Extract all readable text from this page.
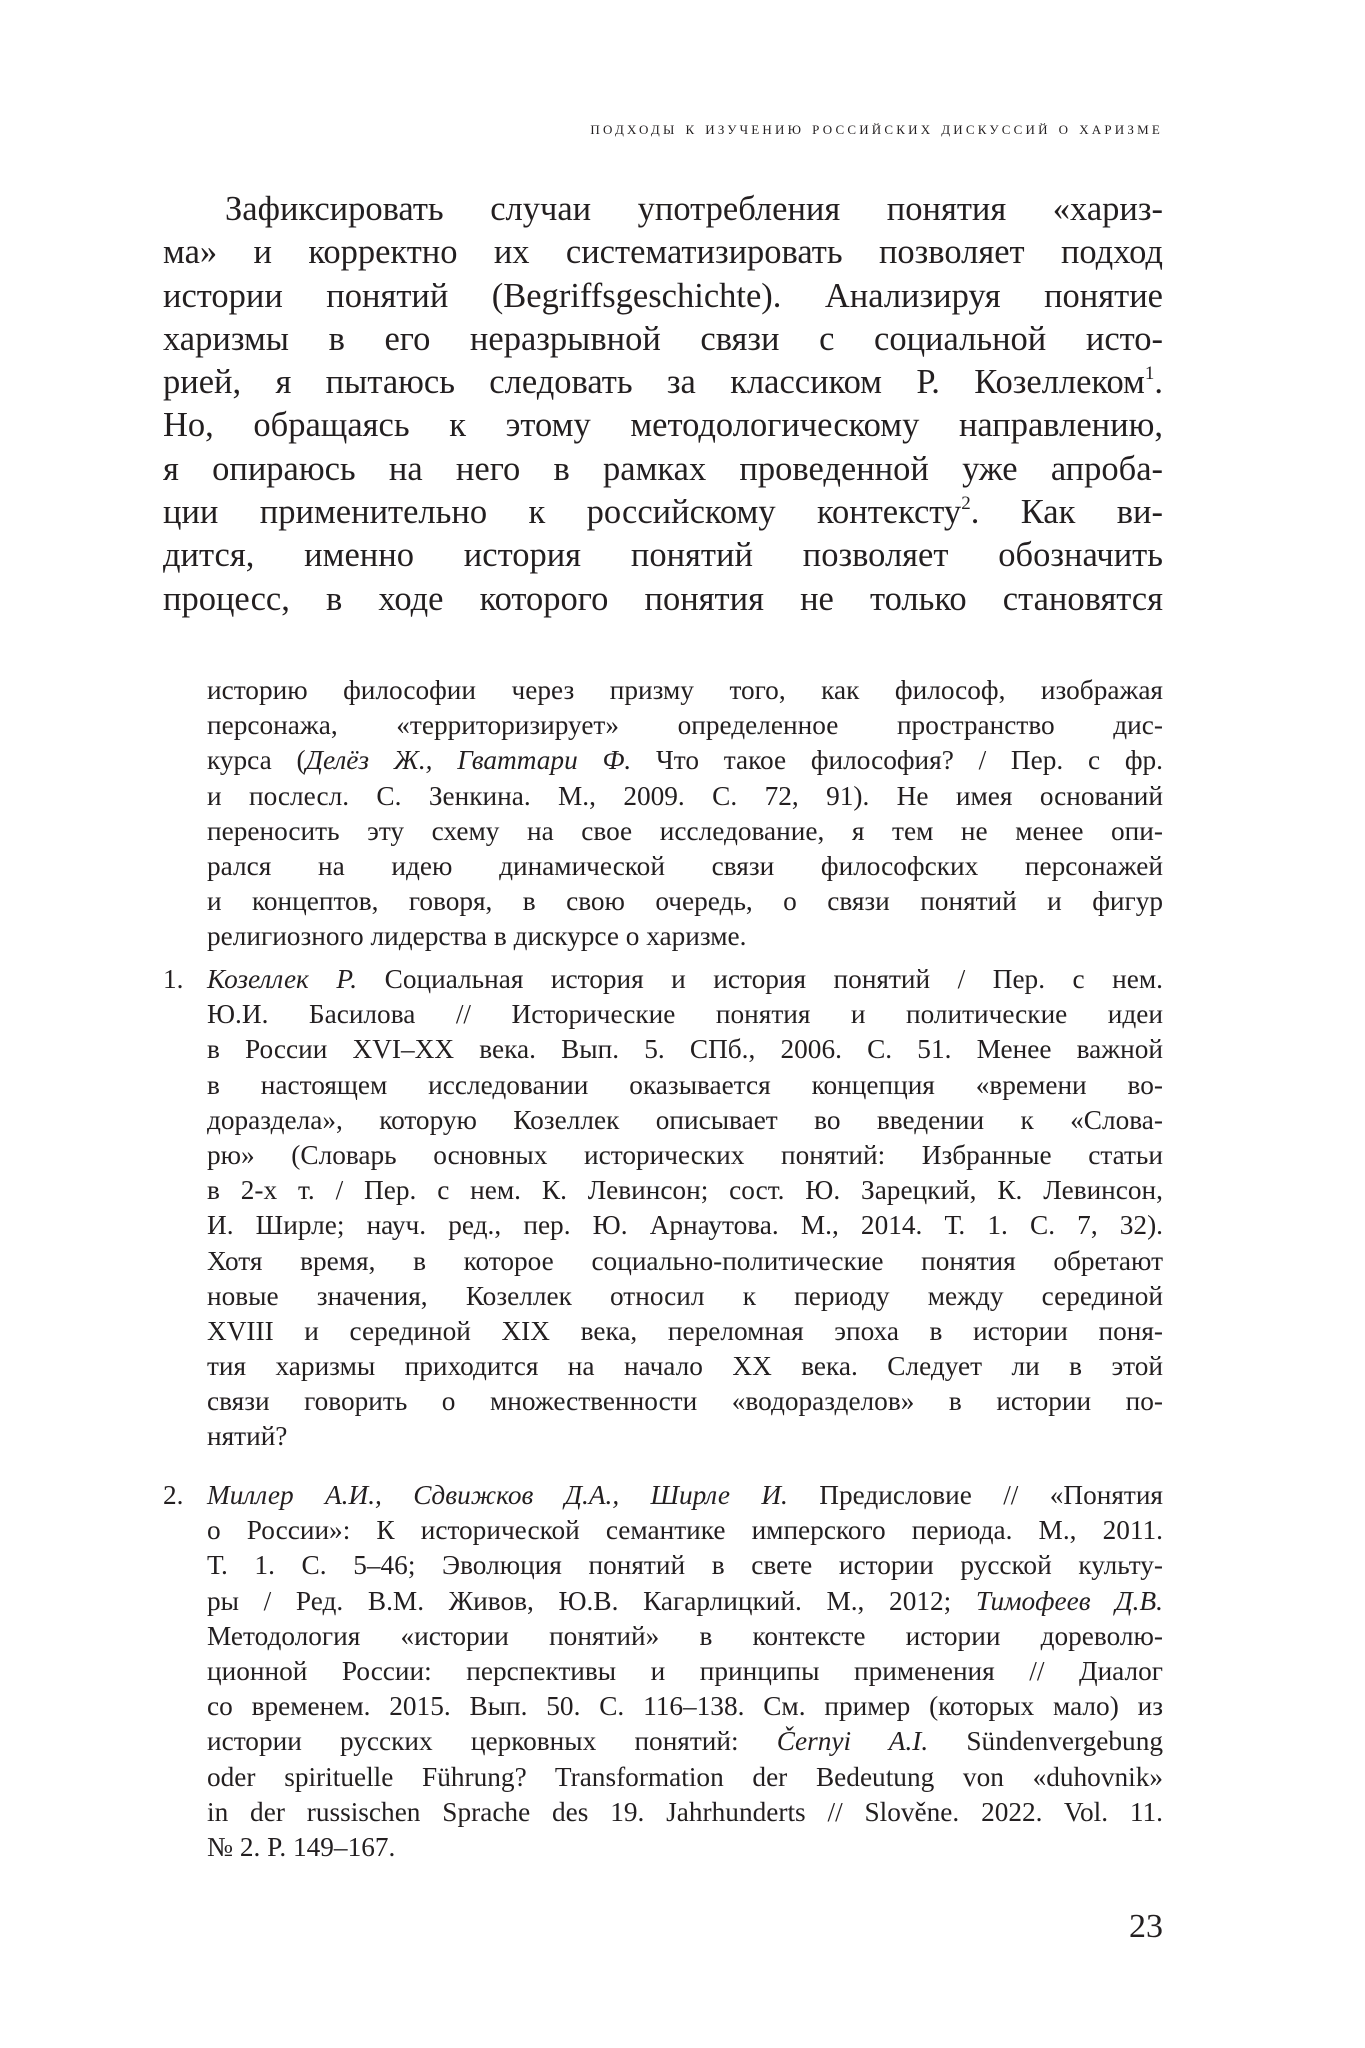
подходы к изучению российских дискуссий о харизме
Зафиксировать случаи употребления понятия «хариз-
ма» и корректно их систематизировать позволяет подход
истории понятий (Begriffsgeschichte). Анализируя понятие
харизмы в его неразрывной связи с социальной исто-
рией, я пытаюсь следовать за классиком Р. Козеллеком$^1$.
Но, обращаясь к этому методологическому направлению,
я опираюсь на него в рамках проведенной уже апроба-
ции применительно к российскому контексту$^2$. Как ви-
дится, именно история понятий позволяет обозначить
процесс, в ходе которого понятия не только становятся
историю философии через призму того, как философ, изображая
персонажа, «территоризирует» определенное пространство дис-
курса (Делёз Ж., Гваттари Ф. Что такое философия? / Пер. с фр.
и послесл. С. Зенкина. М., 2009. С. 72, 91). Не имея оснований
переносить эту схему на свое исследование, я тем не менее опи-
рался на идею динамической связи философских персонажей
и концептов, говоря, в свою очередь, о связи понятий и фигур
религиозного лидерства в дискурсе о харизме.
1. Козеллек Р. Социальная история и история понятий / Пер. с нем.
Ю.И. Басилова // Исторические понятия и политические идеи
в России XVI–XX века. Вып. 5. СПб., 2006. С. 51. Менее важной
в настоящем исследовании оказывается концепция «времени во-
дораздела», которую Козеллек описывает во введении к «Слова-
рю» (Словарь основных исторических понятий: Избранные статьи
в 2-х т. / Пер. с нем. К. Левинсон; сост. Ю. Зарецкий, К. Левинсон,
И. Ширле; науч. ред., пер. Ю. Арнаутова. М., 2014. Т. 1. С. 7, 32).
Хотя время, в которое социально-политические понятия обретают
новые значения, Козеллек относил к периоду между серединой
XVIII и серединой XIX века, переломная эпоха в истории поня-
тия харизмы приходится на начало XX века. Следует ли в этой
связи говорить о множественности «водоразделов» в истории по-
нятий?
2. Миллер А.И., Сдвижков Д.А., Ширле И. Предисловие // «Понятия
о России»: К исторической семантике имперского периода. М., 2011.
Т. 1. С. 5–46; Эволюция понятий в свете истории русской культу-
ры / Ред. В.М. Живов, Ю.В. Кагарлицкий. М., 2012; Тимофеев Д.В.
Методология «истории понятий» в контексте истории дореволю-
ционной России: перспективы и принципы применения // Диалог
со временем. 2015. Вып. 50. С. 116–138. См. пример (которых мало) из
истории русских церковных понятий: Černyi A.I. Sündenvergebung
oder spirituelle Führung? Transformation der Bedeutung von «duhovnik»
in der russischen Sprache des 19. Jahrhunderts // Slověne. 2022. Vol. 11.
№ 2. P. 149–167.
23
